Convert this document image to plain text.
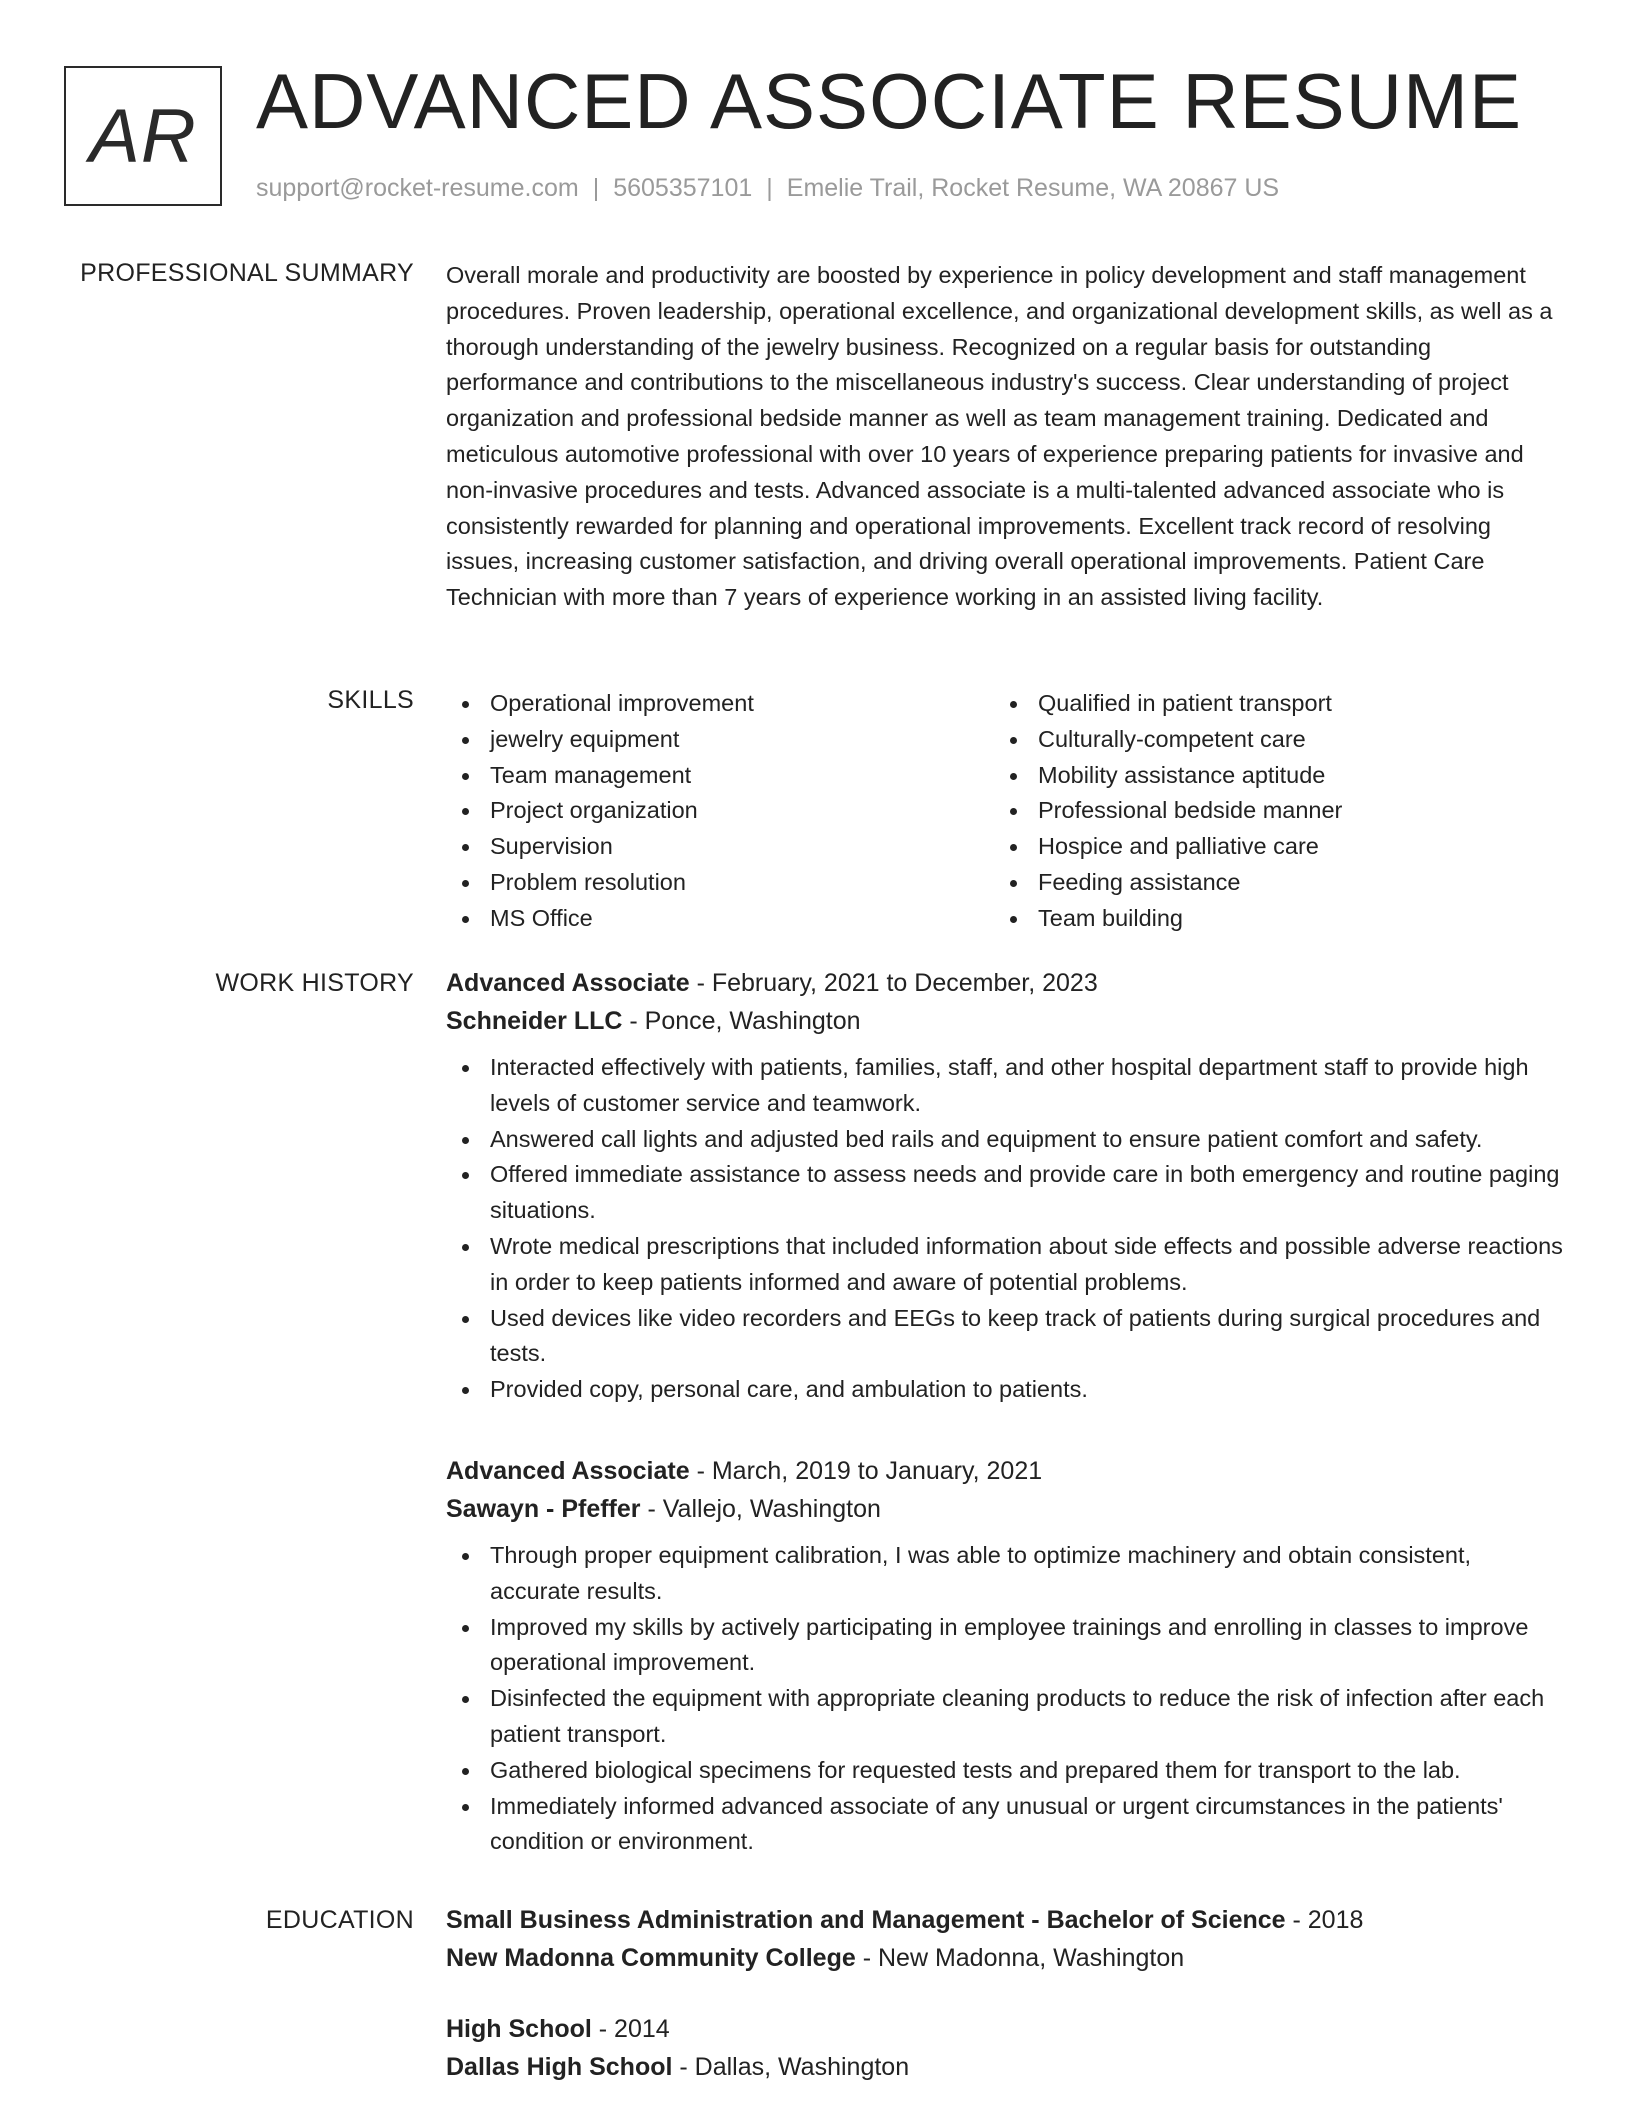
AR ADVANCED ASSOCIATE RESUME
support@rocket-resume.com | 5605357101 | Emelie Trail, Rocket Resume, WA 20867 US
PROFESSIONAL SUMMARY Overall morale and productivity are boosted by experience in policy development and staff management procedures. Proven leadership, operational excellence, and organizational development skills, as well as a thorough understanding of the jewelry business. Recognized on a regular basis for outstanding performance and contributions to the miscellaneous industry's success. Clear understanding of project organization and professional bedside manner as well as team management training. Dedicated and meticulous automotive professional with over 10 years of experience preparing patients for invasive and non-invasive procedures and tests. Advanced associate is a multi-talented advanced associate who is consistently rewarded for planning and operational improvements. Excellent track record of resolving issues, increasing customer satisfaction, and driving overall operational improvements. Patient Care Technician with more than 7 years of experience working in an assisted living facility.
SKILLS	Operational improvement
jewelry equipment
Team management
Project organization
Supervision
Problem resolution
MS Office
Qualified in patient transport
Culturally-competent care
Mobility assistance aptitude
Professional bedside manner
Hospice and palliative care
Feeding assistance
Team building
WORK HISTORY Advanced Associate - February, 2021 to December, 2023
Schneider LLC - Ponce, Washington
Interacted effectively with patients, families, staff, and other hospital department staff to provide high levels of customer service and teamwork.
Answered call lights and adjusted bed rails and equipment to ensure patient comfort and safety.
Offered immediate assistance to assess needs and provide care in both emergency and routine paging situations.
Wrote medical prescriptions that included information about side effects and possible adverse reactions in order to keep patients informed and aware of potential problems.
Used devices like video recorders and EEGs to keep track of patients during surgical procedures and tests.
Provided copy, personal care, and ambulation to patients.
Advanced Associate - March, 2019 to January, 2021
Sawayn - Pfeffer - Vallejo, Washington
Through proper equipment calibration, I was able to optimize machinery and obtain consistent, accurate results.
Improved my skills by actively participating in employee trainings and enrolling in classes to improve operational improvement.
Disinfected the equipment with appropriate cleaning products to reduce the risk of infection after each patient transport.
Gathered biological specimens for requested tests and prepared them for transport to the lab.
Immediately informed advanced associate of any unusual or urgent circumstances in the patients' condition or environment.
EDUCATION Small Business Administration and Management - Bachelor of Science - 2018
New Madonna Community College - New Madonna, Washington
High School - 2014
Dallas High School - Dallas, Washington
